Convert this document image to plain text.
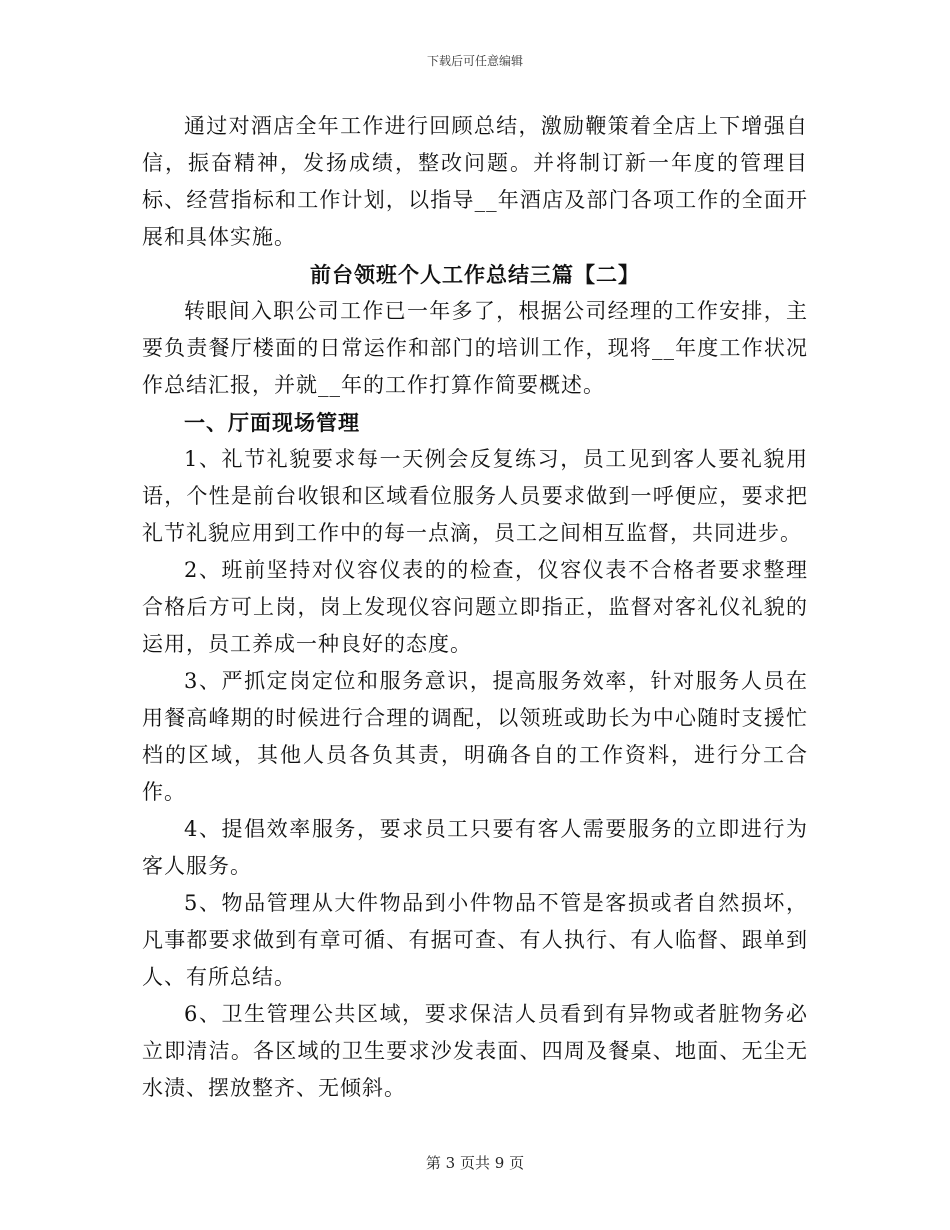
下载后可任意编辑

通过对酒店全年工作进行回顾总结，激励鞭策着全店上下增强自信，振奋精神，发扬成绩，整改问题。并将制订新一年度的管理目标、经营指标和工作计划，以指导__年酒店及部门各项工作的全面开展和具体实施。

前台领班个人工作总结三篇【二】

转眼间入职公司工作已一年多了，根据公司经理的工作安排，主要负责餐厅楼面的日常运作和部门的培训工作，现将__年度工作状况作总结汇报，并就__年的工作打算作简要概述。

一、厅面现场管理

1、礼节礼貌要求每一天例会反复练习，员工见到客人要礼貌用语，个性是前台收银和区域看位服务人员要求做到一呼便应，要求把礼节礼貌应用到工作中的每一点滴，员工之间相互监督，共同进步。

2、班前坚持对仪容仪表的的检查，仪容仪表不合格者要求整理合格后方可上岗，岗上发现仪容问题立即指正，监督对客礼仪礼貌的运用，员工养成一种良好的态度。

3、严抓定岗定位和服务意识，提高服务效率，针对服务人员在用餐高峰期的时候进行合理的调配，以领班或助长为中心随时支援忙档的区域，其他人员各负其责，明确各自的工作资料，进行分工合作。

4、提倡效率服务，要求员工只要有客人需要服务的立即进行为客人服务。

5、物品管理从大件物品到小件物品不管是客损或者自然损坏，凡事都要求做到有章可循、有据可查、有人执行、有人临督、跟单到人、有所总结。

6、卫生管理公共区域，要求保洁人员看到有异物或者脏物务必立即清洁。各区域的卫生要求沙发表面、四周及餐桌、地面、无尘无水渍、摆放整齐、无倾斜。

第 3 页共 9 页
